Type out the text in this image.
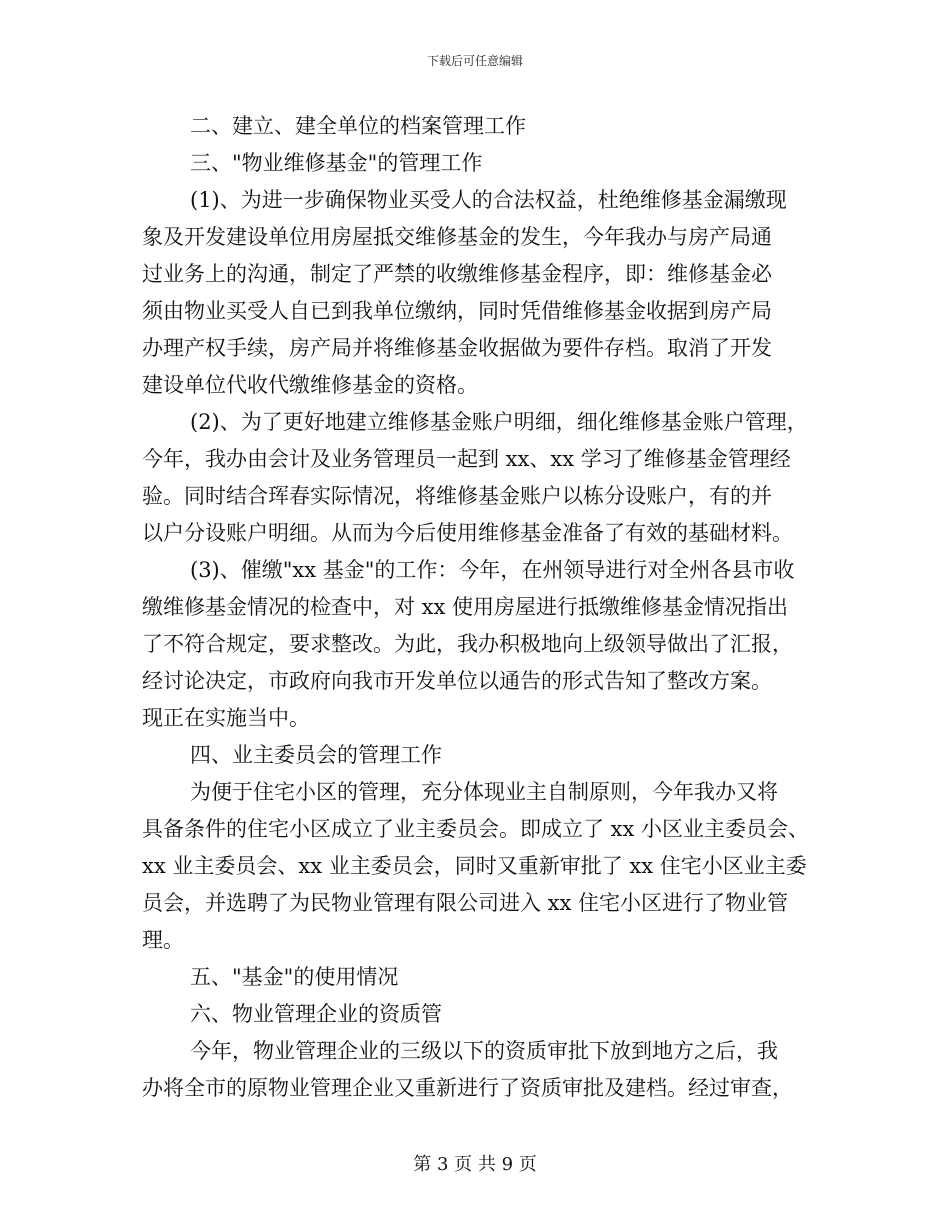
下载后可任意编辑
二、建立、建全单位的档案管理工作
三、"物业维修基金"的管理工作
(1)、为进一步确保物业买受人的合法权益，杜绝维修基金漏缴现
象及开发建设单位用房屋抵交维修基金的发生，今年我办与房产局通
过业务上的沟通，制定了严禁的收缴维修基金程序，即：维修基金必
须由物业买受人自已到我单位缴纳，同时凭借维修基金收据到房产局
办理产权手续，房产局并将维修基金收据做为要件存档。取消了开发
建设单位代收代缴维修基金的资格。
(2)、为了更好地建立维修基金账户明细，细化维修基金账户管理，
今年，我办由会计及业务管理员一起到 xx、xx 学习了维修基金管理经
验。同时结合珲春实际情况，将维修基金账户以栋分设账户，有的并
以户分设账户明细。从而为今后使用维修基金准备了有效的基础材料。
(3)、催缴"xx 基金"的工作：今年，在州领导进行对全州各县市收
缴维修基金情况的检查中，对 xx 使用房屋进行抵缴维修基金情况指出
了不符合规定，要求整改。为此，我办积极地向上级领导做出了汇报，
经讨论决定，市政府向我市开发单位以通告的形式告知了整改方案。
现正在实施当中。
四、业主委员会的管理工作
为便于住宅小区的管理，充分体现业主自制原则，今年我办又将
具备条件的住宅小区成立了业主委员会。即成立了 xx 小区业主委员会、
xx 业主委员会、xx 业主委员会，同时又重新审批了 xx 住宅小区业主委
员会，并选聘了为民物业管理有限公司进入 xx 住宅小区进行了物业管
理。
五、"基金"的使用情况
六、物业管理企业的资质管
今年，物业管理企业的三级以下的资质审批下放到地方之后，我
办将全市的原物业管理企业又重新进行了资质审批及建档。经过审查，
第 3 页 共 9 页
